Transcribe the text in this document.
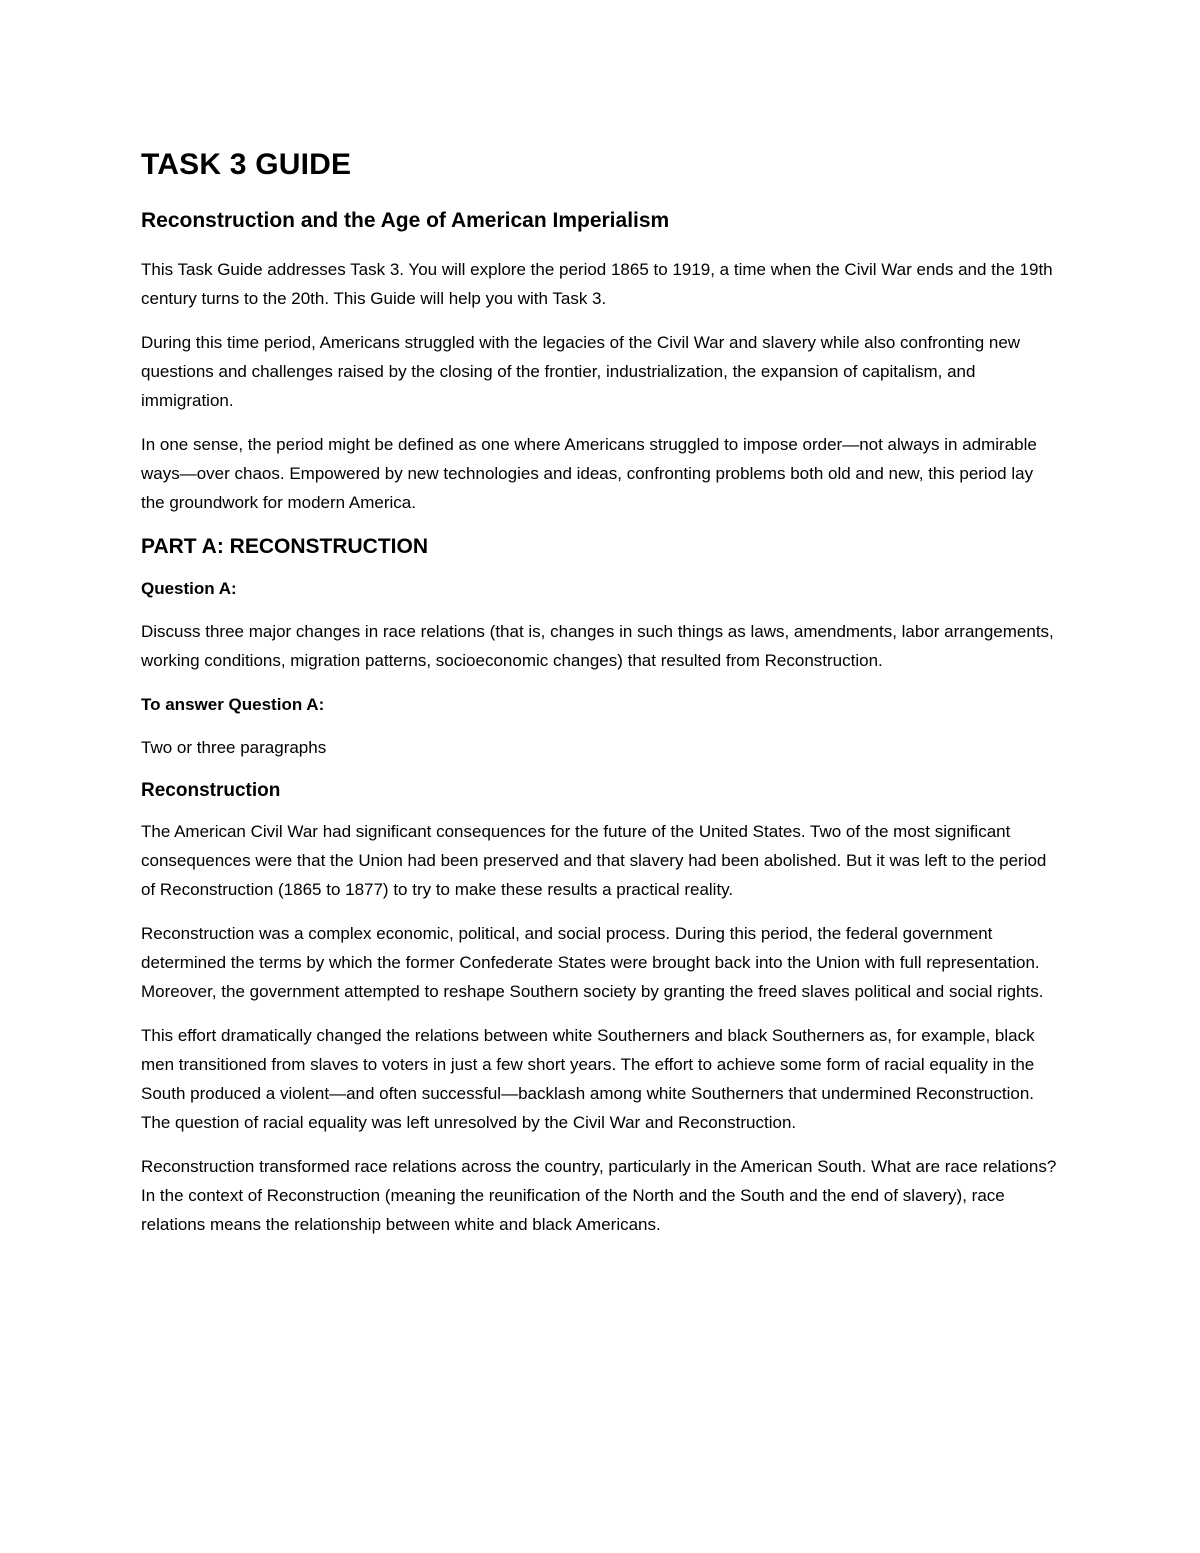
TASK 3 GUIDE
Reconstruction and the Age of American Imperialism

This Task Guide addresses Task 3. You will explore the period 1865 to 1919, a time when the Civil War ends and the 19th century turns to the 20th. This Guide will help you with Task 3.

During this time period, Americans struggled with the legacies of the Civil War and slavery while also confronting new questions and challenges raised by the closing of the frontier, industrialization, the expansion of capitalism, and immigration.

In one sense, the period might be defined as one where Americans struggled to impose order—not always in admirable ways—over chaos. Empowered by new technologies and ideas, confronting problems both old and new, this period lay the groundwork for modern America.

PART A: RECONSTRUCTION
Question A:

Discuss three major changes in race relations (that is, changes in such things as laws, amendments, labor arrangements, working conditions, migration patterns, socioeconomic changes) that resulted from Reconstruction.

To answer Question A:

Two or three paragraphs

Reconstruction

The American Civil War had significant consequences for the future of the United States. Two of the most significant consequences were that the Union had been preserved and that slavery had been abolished. But it was left to the period of Reconstruction (1865 to 1877) to try to make these results a practical reality.

Reconstruction was a complex economic, political, and social process. During this period, the federal government determined the terms by which the former Confederate States were brought back into the Union with full representation. Moreover, the government attempted to reshape Southern society by granting the freed slaves political and social rights.

This effort dramatically changed the relations between white Southerners and black Southerners as, for example, black men transitioned from slaves to voters in just a few short years. The effort to achieve some form of racial equality in the South produced a violent—and often successful—backlash among white Southerners that undermined Reconstruction. The question of racial equality was left unresolved by the Civil War and Reconstruction.

Reconstruction transformed race relations across the country, particularly in the American South. What are race relations? In the context of Reconstruction (meaning the reunification of the North and the South and the end of slavery), race relations means the relationship between white and black Americans.
